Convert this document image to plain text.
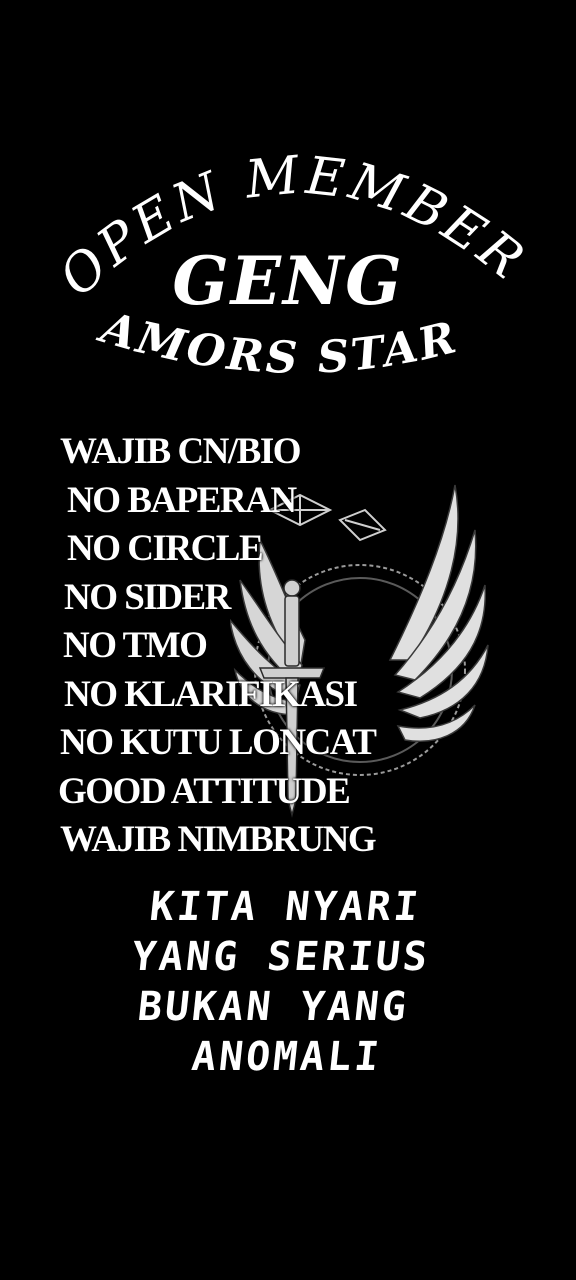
OPEN MEMBER
AMORS STAR
GENG
WAJIB CN/BIO
NO BAPERAN
NO CIRCLE
NO SIDER
NO TMO
NO KLARIFIKASI
NO KUTU LONCAT
GOOD ATTITUDE
WAJIB NIMBRUNG
KITA NYARI
YANG SERIUS
BUKAN YANG
ANOMALI
